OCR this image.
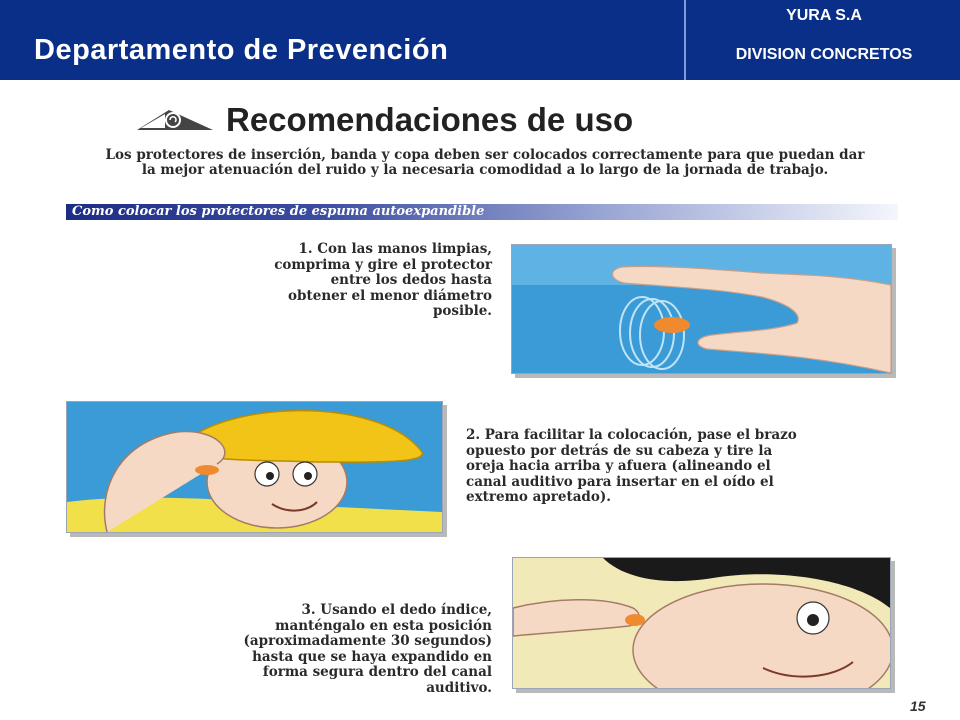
Departamento de Prevención
YURA S.A
DIVISION CONCRETOS
Recomendaciones de uso
Los protectores de inserción, banda y copa deben ser colocados correctamente para que puedan dar la mejor atenuación del ruido y la necesaria comodidad a lo largo de la jornada de trabajo.
Como colocar los protectores de espuma autoexpandible
1. Con las manos limpias, comprima y gire el protector entre los dedos hasta obtener el menor diámetro posible.
2. Para facilitar la colocación, pase el brazo opuesto por detrás de su cabeza y tire la oreja hacia arriba y afuera (alineando el canal auditivo para insertar en el oído el extremo apretado).
3. Usando el dedo índice, manténgalo en esta posición (aproximadamente 30 segundos) hasta que se haya expandido en forma segura dentro del canal auditivo.
15
